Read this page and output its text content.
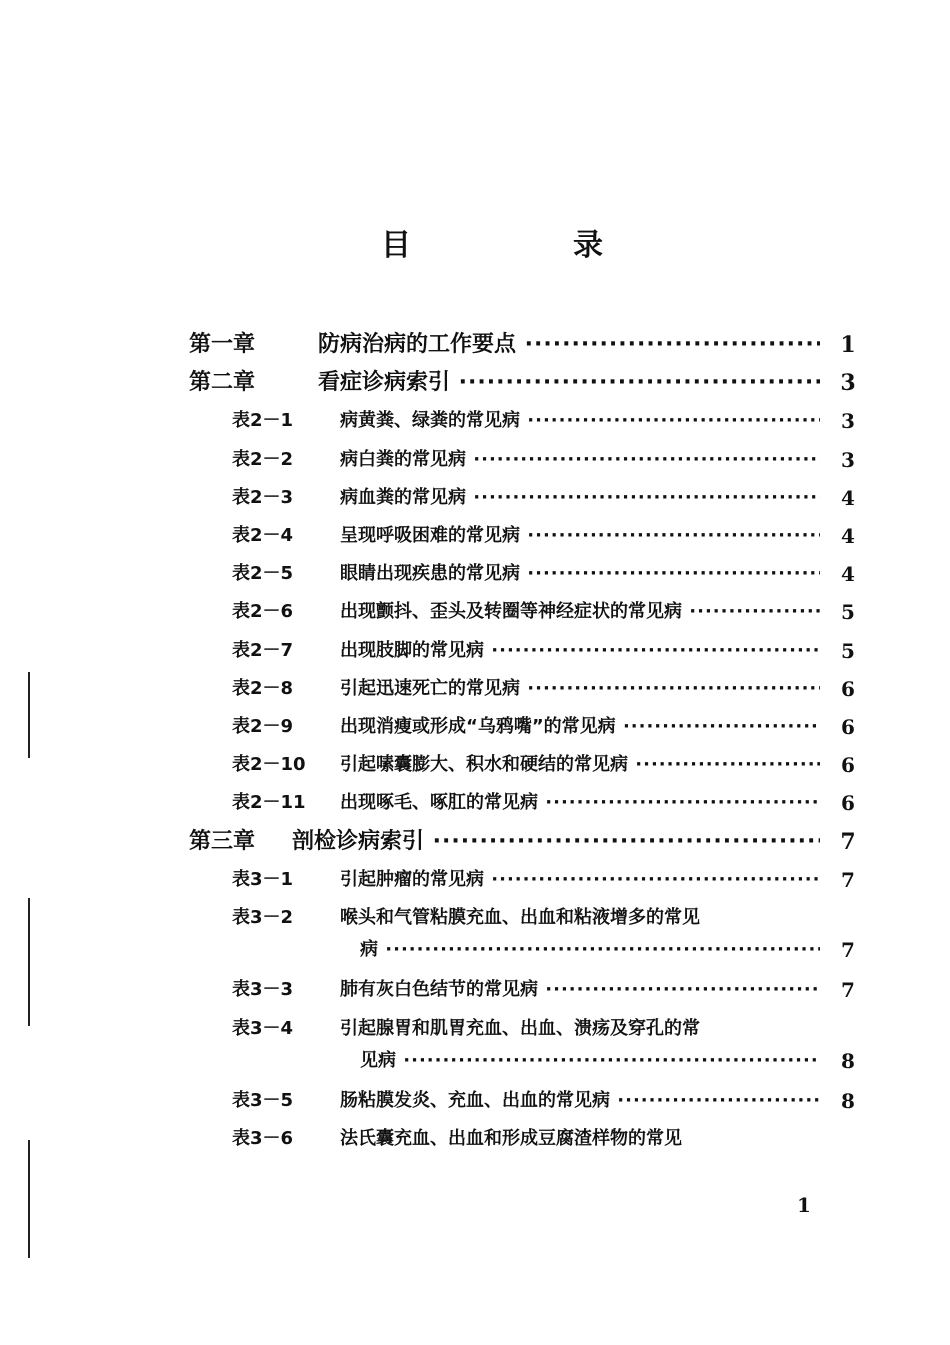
目　录
第一章	防病治病的工作要点 ·····	1
第二章	看症诊病索引 ·····	3
表2－1	病黄粪、绿粪的常见病 ·····	3
表2－2	病白粪的常见病 ·····	3
表2－3	病血粪的常见病 ·····	4
表2－4	呈现呼吸困难的常见病 ·····	4
表2－5	眼睛出现疾患的常见病 ·····	4
表2－6	出现颤抖、歪头及转圈等神经症状的常见病 ·····	5
表2－7	出现肢脚的常见病 ·····	5
表2－8	引起迅速死亡的常见病 ·····	6
表2－9	出现消瘦或形成“乌鸦嘴”的常见病 ·····	6
表2－10 引起嗉囊膨大、积水和硬结的常见病 ·····	6
表2－11 出现啄毛、啄肛的常见病 ·····	6
第三章 剖检诊病索引 ·····	7
表3－1	引起肿瘤的常见病 ·····	7
表3－2	喉头和气管粘膜充血、出血和粘液增多的常见
病 ·····	7
表3－3	肺有灰白色结节的常见病 ·····	7
表3－4	引起腺胃和肌胃充血、出血、溃疡及穿孔的常
见病 ·····	8
表3－5	肠粘膜发炎、充血、出血的常见病 ·····	8
表3－6	法氏囊充血、出血和形成豆腐渣样物的常见
1
